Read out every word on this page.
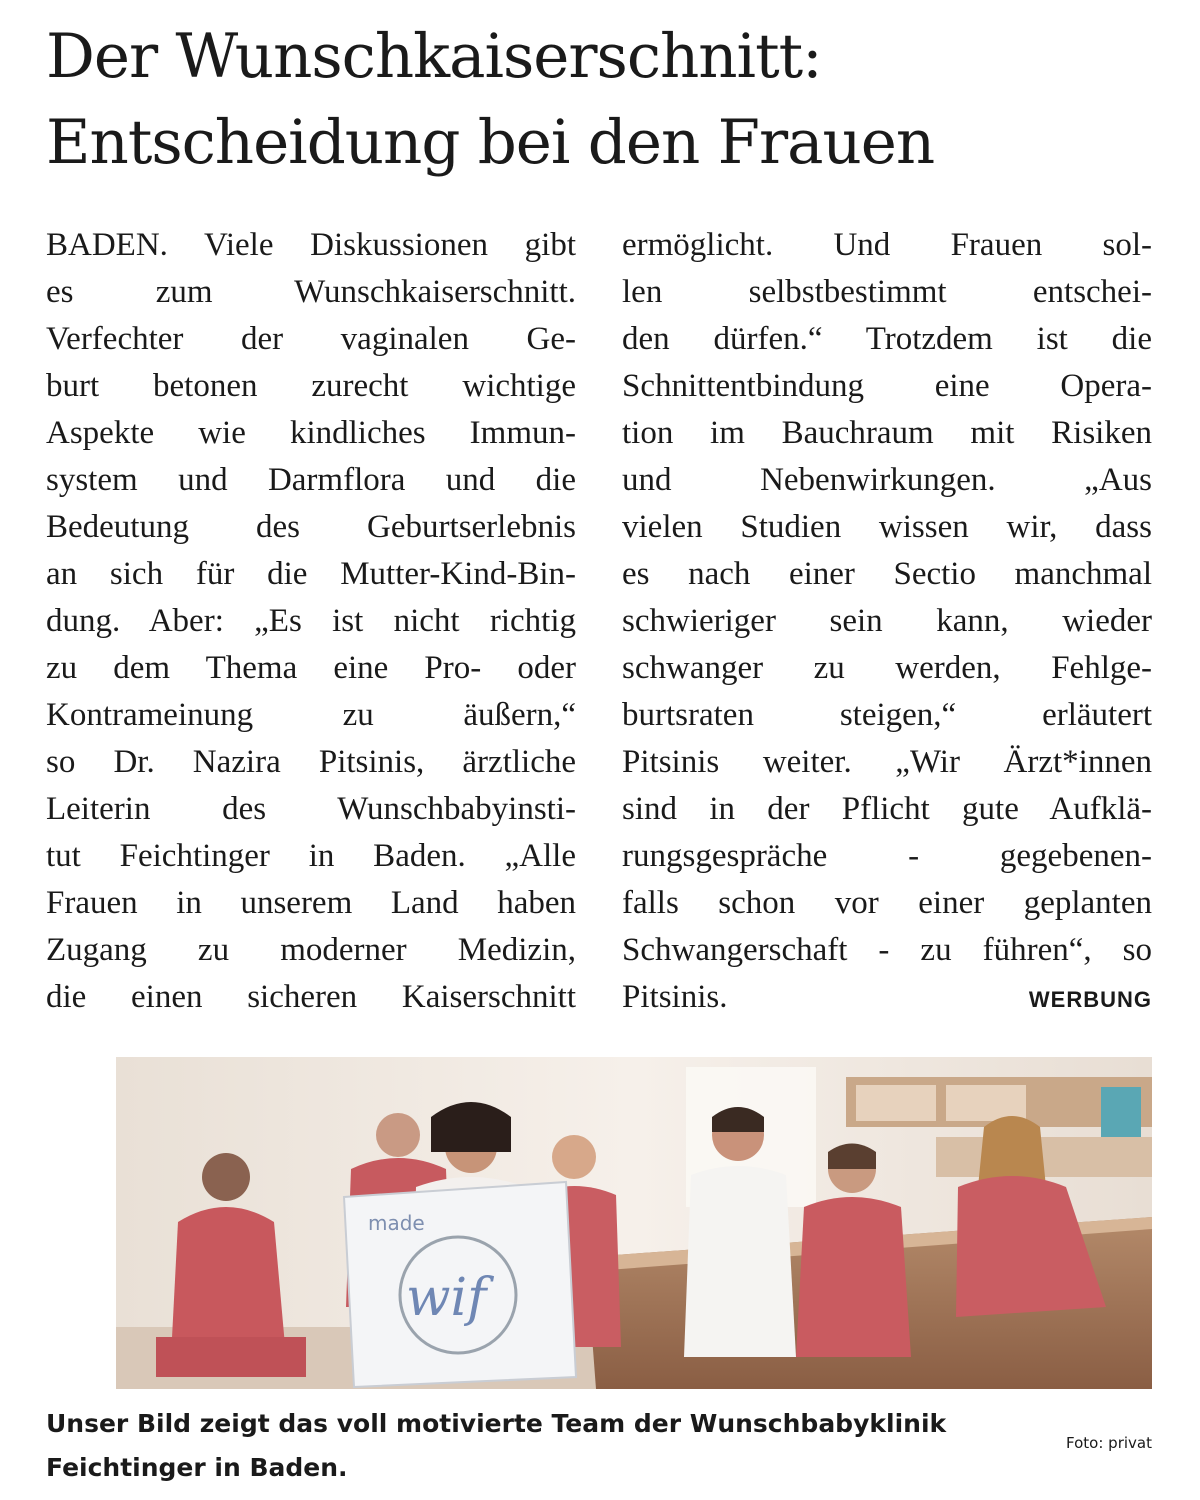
Der Wunschkaiserschnitt:
Entscheidung bei den Frauen
BADEN. Viele Diskussionen gibt
es zum Wunschkaiserschnitt.
Verfechter der vaginalen Ge-
burt betonen zurecht wichtige
Aspekte wie kindliches Immun-
system und Darmflora und die
Bedeutung des Geburtserlebnis
an sich für die Mutter-Kind-Bin-
dung. Aber: „Es ist nicht richtig
zu dem Thema eine Pro- oder
Kontrameinung zu äußern,“
so Dr. Nazira Pitsinis, ärztliche
Leiterin des Wunschbabyinsti-
tut Feichtinger in Baden. „Alle
Frauen in unserem Land haben
Zugang zu moderner Medizin,
die einen sicheren Kaiserschnitt
ermöglicht. Und Frauen sol-
len selbstbestimmt entschei-
den dürfen.“ Trotzdem ist die
Schnittentbindung eine Opera-
tion im Bauchraum mit Risiken
und Nebenwirkungen. „Aus
vielen Studien wissen wir, dass
es nach einer Sectio manchmal
schwieriger sein kann, wieder
schwanger zu werden, Fehlge-
burtsraten steigen,“ erläutert
Pitsinis weiter. „Wir Ärzt*innen
sind in der Pflicht gute Aufklä-
rungsgespräche - gegebenen-
falls schon vor einer geplanten
Schwangerschaft - zu führen“, so
Pitsinis.	WERBUNG
made
wif
Unser Bild zeigt das voll motivierte Team der Wunschbabyklinik
Feichtinger in Baden.
Foto: privat
